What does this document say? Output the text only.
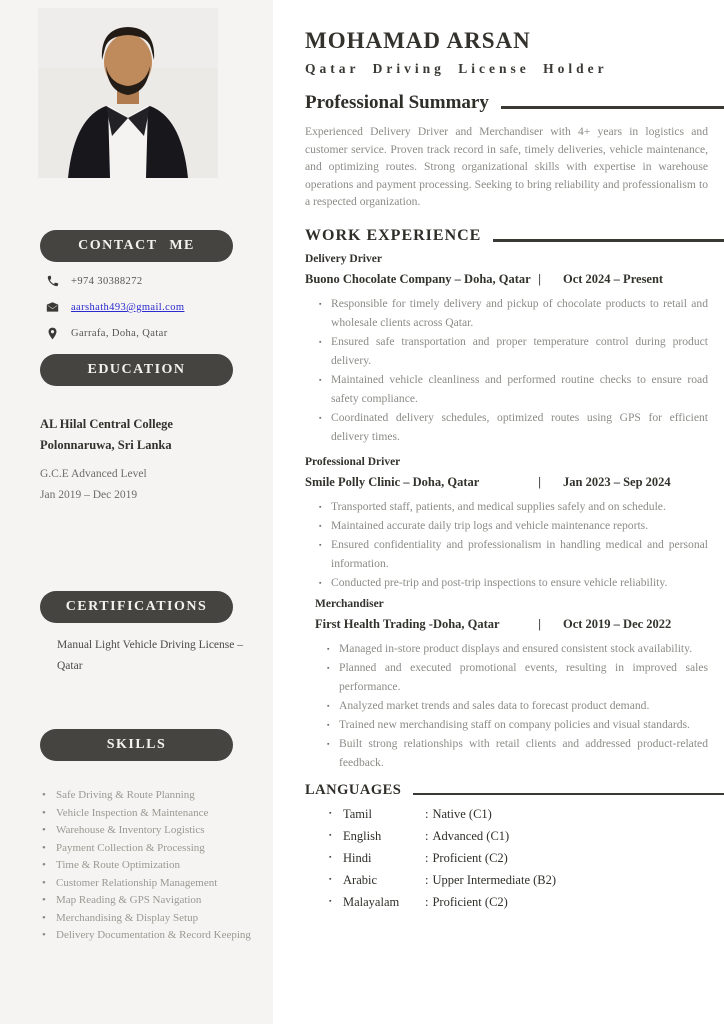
CONTACT ME
+974 30388272
aarshath493@gmail.com
Garrafa, Doha, Qatar
EDUCATION
AL Hilal Central College
Polonnaruwa, Sri Lanka
G.C.E Advanced Level
Jan 2019 – Dec 2019
CERTIFICATIONS
Manual Light Vehicle Driving License – Qatar
SKILLS
• Safe Driving & Route Planning
• Vehicle Inspection & Maintenance
• Warehouse & Inventory Logistics
• Payment Collection & Processing
• Time & Route Optimization
• Customer Relationship Management
• Map Reading & GPS Navigation
• Merchandising & Display Setup
• Delivery Documentation & Record Keeping
MOHAMAD ARSAN
Qatar Driving License Holder
Professional Summary

Experienced Delivery Driver and Merchandiser with 4+ years in logistics and customer service. Proven track record in safe, timely deliveries, vehicle maintenance, and optimizing routes. Strong organizational skills with expertise in warehouse operations and payment processing. Seeking to bring reliability and professionalism to a respected organization.

WORK EXPERIENCE
Delivery Driver
Buono Chocolate Company – Doha, Qatar | Oct 2024 – Present
▪ Responsible for timely delivery and pickup of chocolate products to retail and wholesale clients across Qatar.
▪ Ensured safe transportation and proper temperature control during product delivery.
▪ Maintained vehicle cleanliness and performed routine checks to ensure road safety compliance.
▪ Coordinated delivery schedules, optimized routes using GPS for efficient delivery times.
Professional Driver
Smile Polly Clinic – Doha, Qatar	| Jan 2023 – Sep 2024
▪ Transported staff, patients, and medical supplies safely and on schedule.
▪ Maintained accurate daily trip logs and vehicle maintenance reports.
▪ Ensured confidentiality and professionalism in handling medical and personal information.
▪ Conducted pre-trip and post-trip inspections to ensure vehicle reliability.
Merchandiser
First Health Trading -Doha, Qatar	| Oct 2019 – Dec 2022
▪ Managed in-store product displays and ensured consistent stock availability.
▪ Planned and executed promotional events, resulting in improved sales performance.
▪ Analyzed market trends and sales data to forecast product demand.
▪ Trained new merchandising staff on company policies and visual standards.
▪ Built strong relationships with retail clients and addressed product-related feedback.
LANGUAGES
▪ Tamil	: Native (C1)
▪ English	: Advanced (C1)
▪ Hindi	: Proficient (C2)
▪ Arabic	: Upper Intermediate (B2)
▪ Malayalam	: Proficient (C2)
